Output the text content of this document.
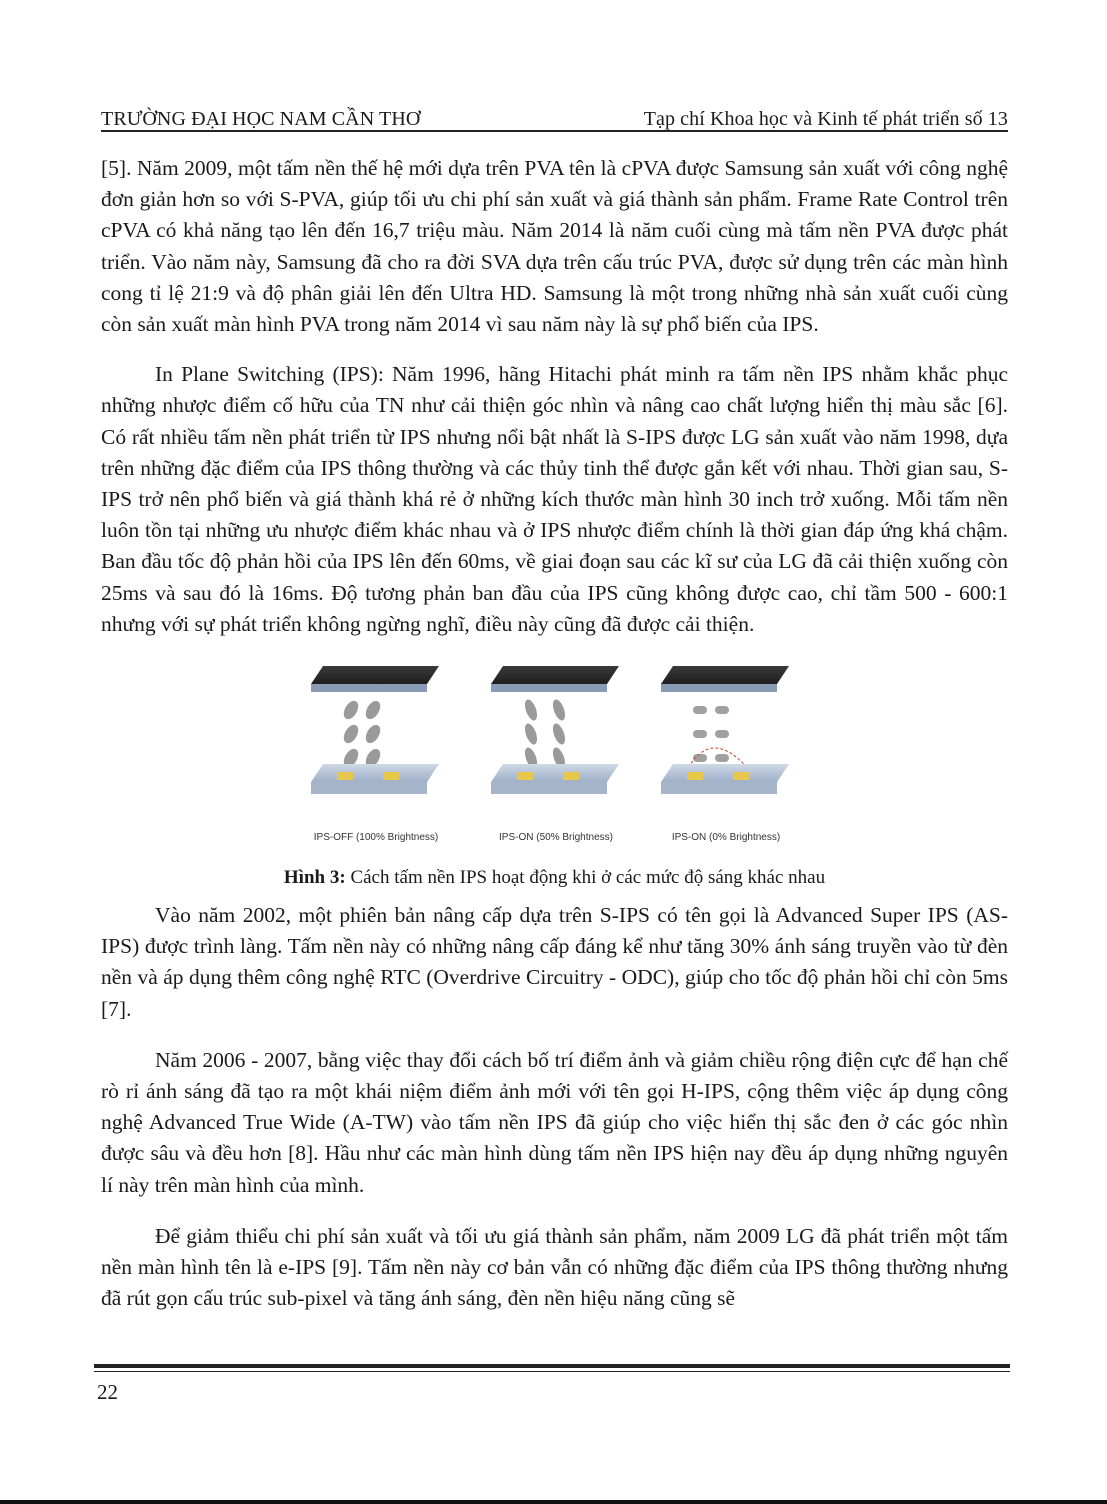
TRƯỜNG ĐẠI HỌC NAM CẦN THƠ	Tạp chí Khoa học và Kinh tế phát triển số 13

[5]. Năm 2009, một tấm nền thế hệ mới dựa trên PVA tên là cPVA được Samsung sản xuất với công nghệ đơn giản hơn so với S-PVA, giúp tối ưu chi phí sản xuất và giá thành sản phẩm. Frame Rate Control trên cPVA có khả năng tạo lên đến 16,7 triệu màu. Năm 2014 là năm cuối cùng mà tấm nền PVA được phát triển. Vào năm này, Samsung đã cho ra đời SVA dựa trên cấu trúc PVA, được sử dụng trên các màn hình cong tỉ lệ 21:9 và độ phân giải lên đến Ultra HD. Samsung là một trong những nhà sản xuất cuối cùng còn sản xuất màn hình PVA trong năm 2014 vì sau năm này là sự phổ biến của IPS.

In Plane Switching (IPS): Năm 1996, hãng Hitachi phát minh ra tấm nền IPS nhằm khắc phục những nhược điểm cố hữu của TN như cải thiện góc nhìn và nâng cao chất lượng hiển thị màu sắc [6]. Có rất nhiều tấm nền phát triển từ IPS nhưng nổi bật nhất là S-IPS được LG sản xuất vào năm 1998, dựa trên những đặc điểm của IPS thông thường và các thủy tinh thể được gắn kết với nhau. Thời gian sau, S-IPS trở nên phổ biến và giá thành khá rẻ ở những kích thước màn hình 30 inch trở xuống. Mỗi tấm nền luôn tồn tại những ưu nhược điểm khác nhau và ở IPS nhược điểm chính là thời gian đáp ứng khá chậm. Ban đầu tốc độ phản hồi của IPS lên đến 60ms, về giai đoạn sau các kĩ sư của LG đã cải thiện xuống còn 25ms và sau đó là 16ms. Độ tương phản ban đầu của IPS cũng không được cao, chỉ tầm 500 - 600:1 nhưng với sự phát triển không ngừng nghĩ, điều này cũng đã được cải thiện.

IPS-OFF (100% Brightness)	IPS-ON (50% Brightness)	IPS-ON (0% Brightness)
Hình 3: Cách tấm nền IPS hoạt động khi ở các mức độ sáng khác nhau

Vào năm 2002, một phiên bản nâng cấp dựa trên S-IPS có tên gọi là Advanced Super IPS (AS-IPS) được trình làng. Tấm nền này có những nâng cấp đáng kể như tăng 30% ánh sáng truyền vào từ đèn nền và áp dụng thêm công nghệ RTC (Overdrive Circuitry - ODC), giúp cho tốc độ phản hồi chỉ còn 5ms [7].

Năm 2006 - 2007, bằng việc thay đổi cách bố trí điểm ảnh và giảm chiều rộng điện cực để hạn chế rò rỉ ánh sáng đã tạo ra một khái niệm điểm ảnh mới với tên gọi H-IPS, cộng thêm việc áp dụng công nghệ Advanced True Wide (A-TW) vào tấm nền IPS đã giúp cho việc hiển thị sắc đen ở các góc nhìn được sâu và đều hơn [8]. Hầu như các màn hình dùng tấm nền IPS hiện nay đều áp dụng những nguyên lí này trên màn hình của mình.

Để giảm thiểu chi phí sản xuất và tối ưu giá thành sản phẩm, năm 2009 LG đã phát triển một tấm nền màn hình tên là e-IPS [9]. Tấm nền này cơ bản vẫn có những đặc điểm của IPS thông thường nhưng đã rút gọn cấu trúc sub-pixel và tăng ánh sáng, đèn nền hiệu năng cũng sẽ

22
